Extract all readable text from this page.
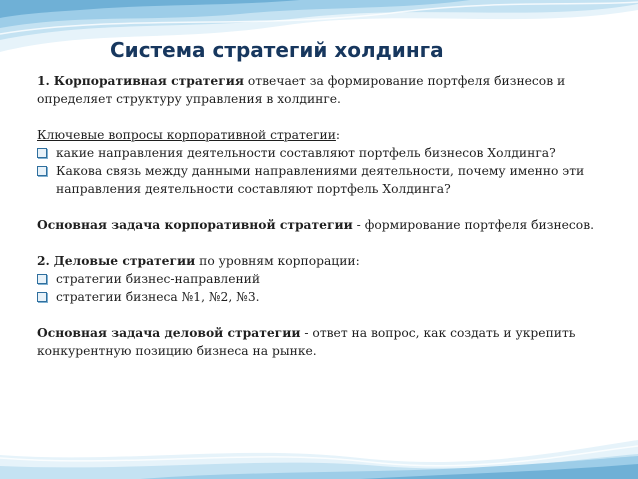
Система стратегий холдинга

1. Корпоративная стратегия отвечает за формирование портфеля бизнесов и определяет структуру управления в холдинге.

Ключевые вопросы корпоративной стратегии:

какие направления деятельности составляют портфель бизнесов Холдинга?
Какова связь между данными направлениями деятельности, почему именно эти направления деятельности составляют портфель Холдинга?

Основная задача корпоративной стратегии - формирование портфеля бизнесов.

2. Деловые стратегии по уровням корпорации:

стратегии бизнес-направлений
стратегии бизнеса №1, №2, №3.

Основная задача деловой стратегии - ответ на вопрос, как создать и укрепить конкурентную позицию бизнеса на рынке.
